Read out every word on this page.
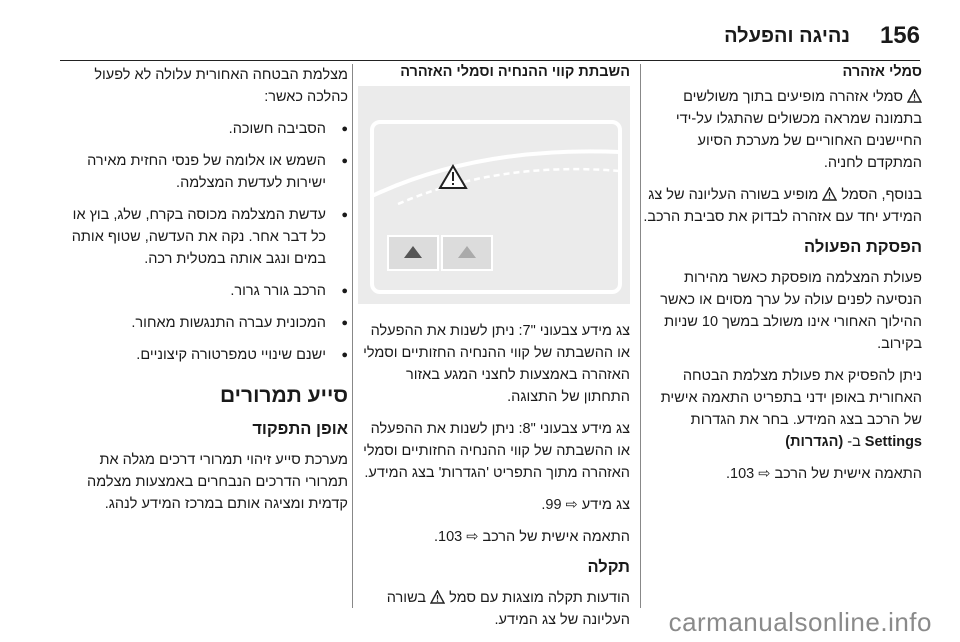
156
נהיגה והפעלה
סמלי אזהרה

סמלי אזהרה מופיעים בתוך משולשים בתמונה שמראה מכשולים שהתגלו על-ידי החיישנים האחוריים של מערכת הסיוע המתקדם לחניה.

בנוסף, הסמל  מופיע בשורה העליונה של צג המידע יחד עם אזהרה לבדוק את סביבת הרכב.

הפסקת הפעולה

פעולת המצלמה מופסקת כאשר מהירות הנסיעה לפנים עולה על ערך מסוים או כאשר ההילוך האחורי אינו משולב במשך 10 שניות בקירוב.

ניתן להפסיק את פעולת מצלמת הבטחה האחורית באופן ידני בתפריט התאמה אישית של הרכב בצג המידע. בחר את הגדרות Settings ב- (הגדרות)

התאמה אישית של הרכב ⇨ 103.

השבתת קווי ההנחיה וסמלי האזהרה

צג מידע צבעוני "7: ניתן לשנות את ההפעלה או ההשבתה של קווי ההנחיה החזותיים וסמלי האזהרה באמצעות לחצני המגע באזור התחתון של התצוגה.

צג מידע צבעוני "8: ניתן לשנות את ההפעלה או ההשבתה של קווי ההנחיה החזותיים וסמלי האזהרה מתוך התפריט 'הגדרות' בצג המידע.

צג מידע ⇨ 99.

התאמה אישית של הרכב ⇨ 103.

תקלה

הודעות תקלה מוצגות עם סמל  בשורה העליונה של צג המידע.

מצלמת הבטחה האחורית עלולה לא לפעול כהלכה כאשר:

● הסביבה חשוכה.
● השמש או אלומה של פנסי החזית מאירה ישירות לעדשת המצלמה.
● עדשת המצלמה מכוסה בקרח, שלג, בוץ או כל דבר אחר. נקה את העדשה, שטוף אותה במים ונגב אותה במטלית רכה.
● הרכב גורר גרור.
● המכונית עברה התנגשות מאחור.
● ישנם שינויי טמפרטורה קיצוניים.
סייע תמרורים
אופן התפקוד

מערכת סייע זיהוי תמרורי דרכים מגלה את תמרורי הדרכים הנבחרים באמצעות מצלמה קדמית ומציגה אותם במרכז המידע לנהג.

carmanualsonline.info
